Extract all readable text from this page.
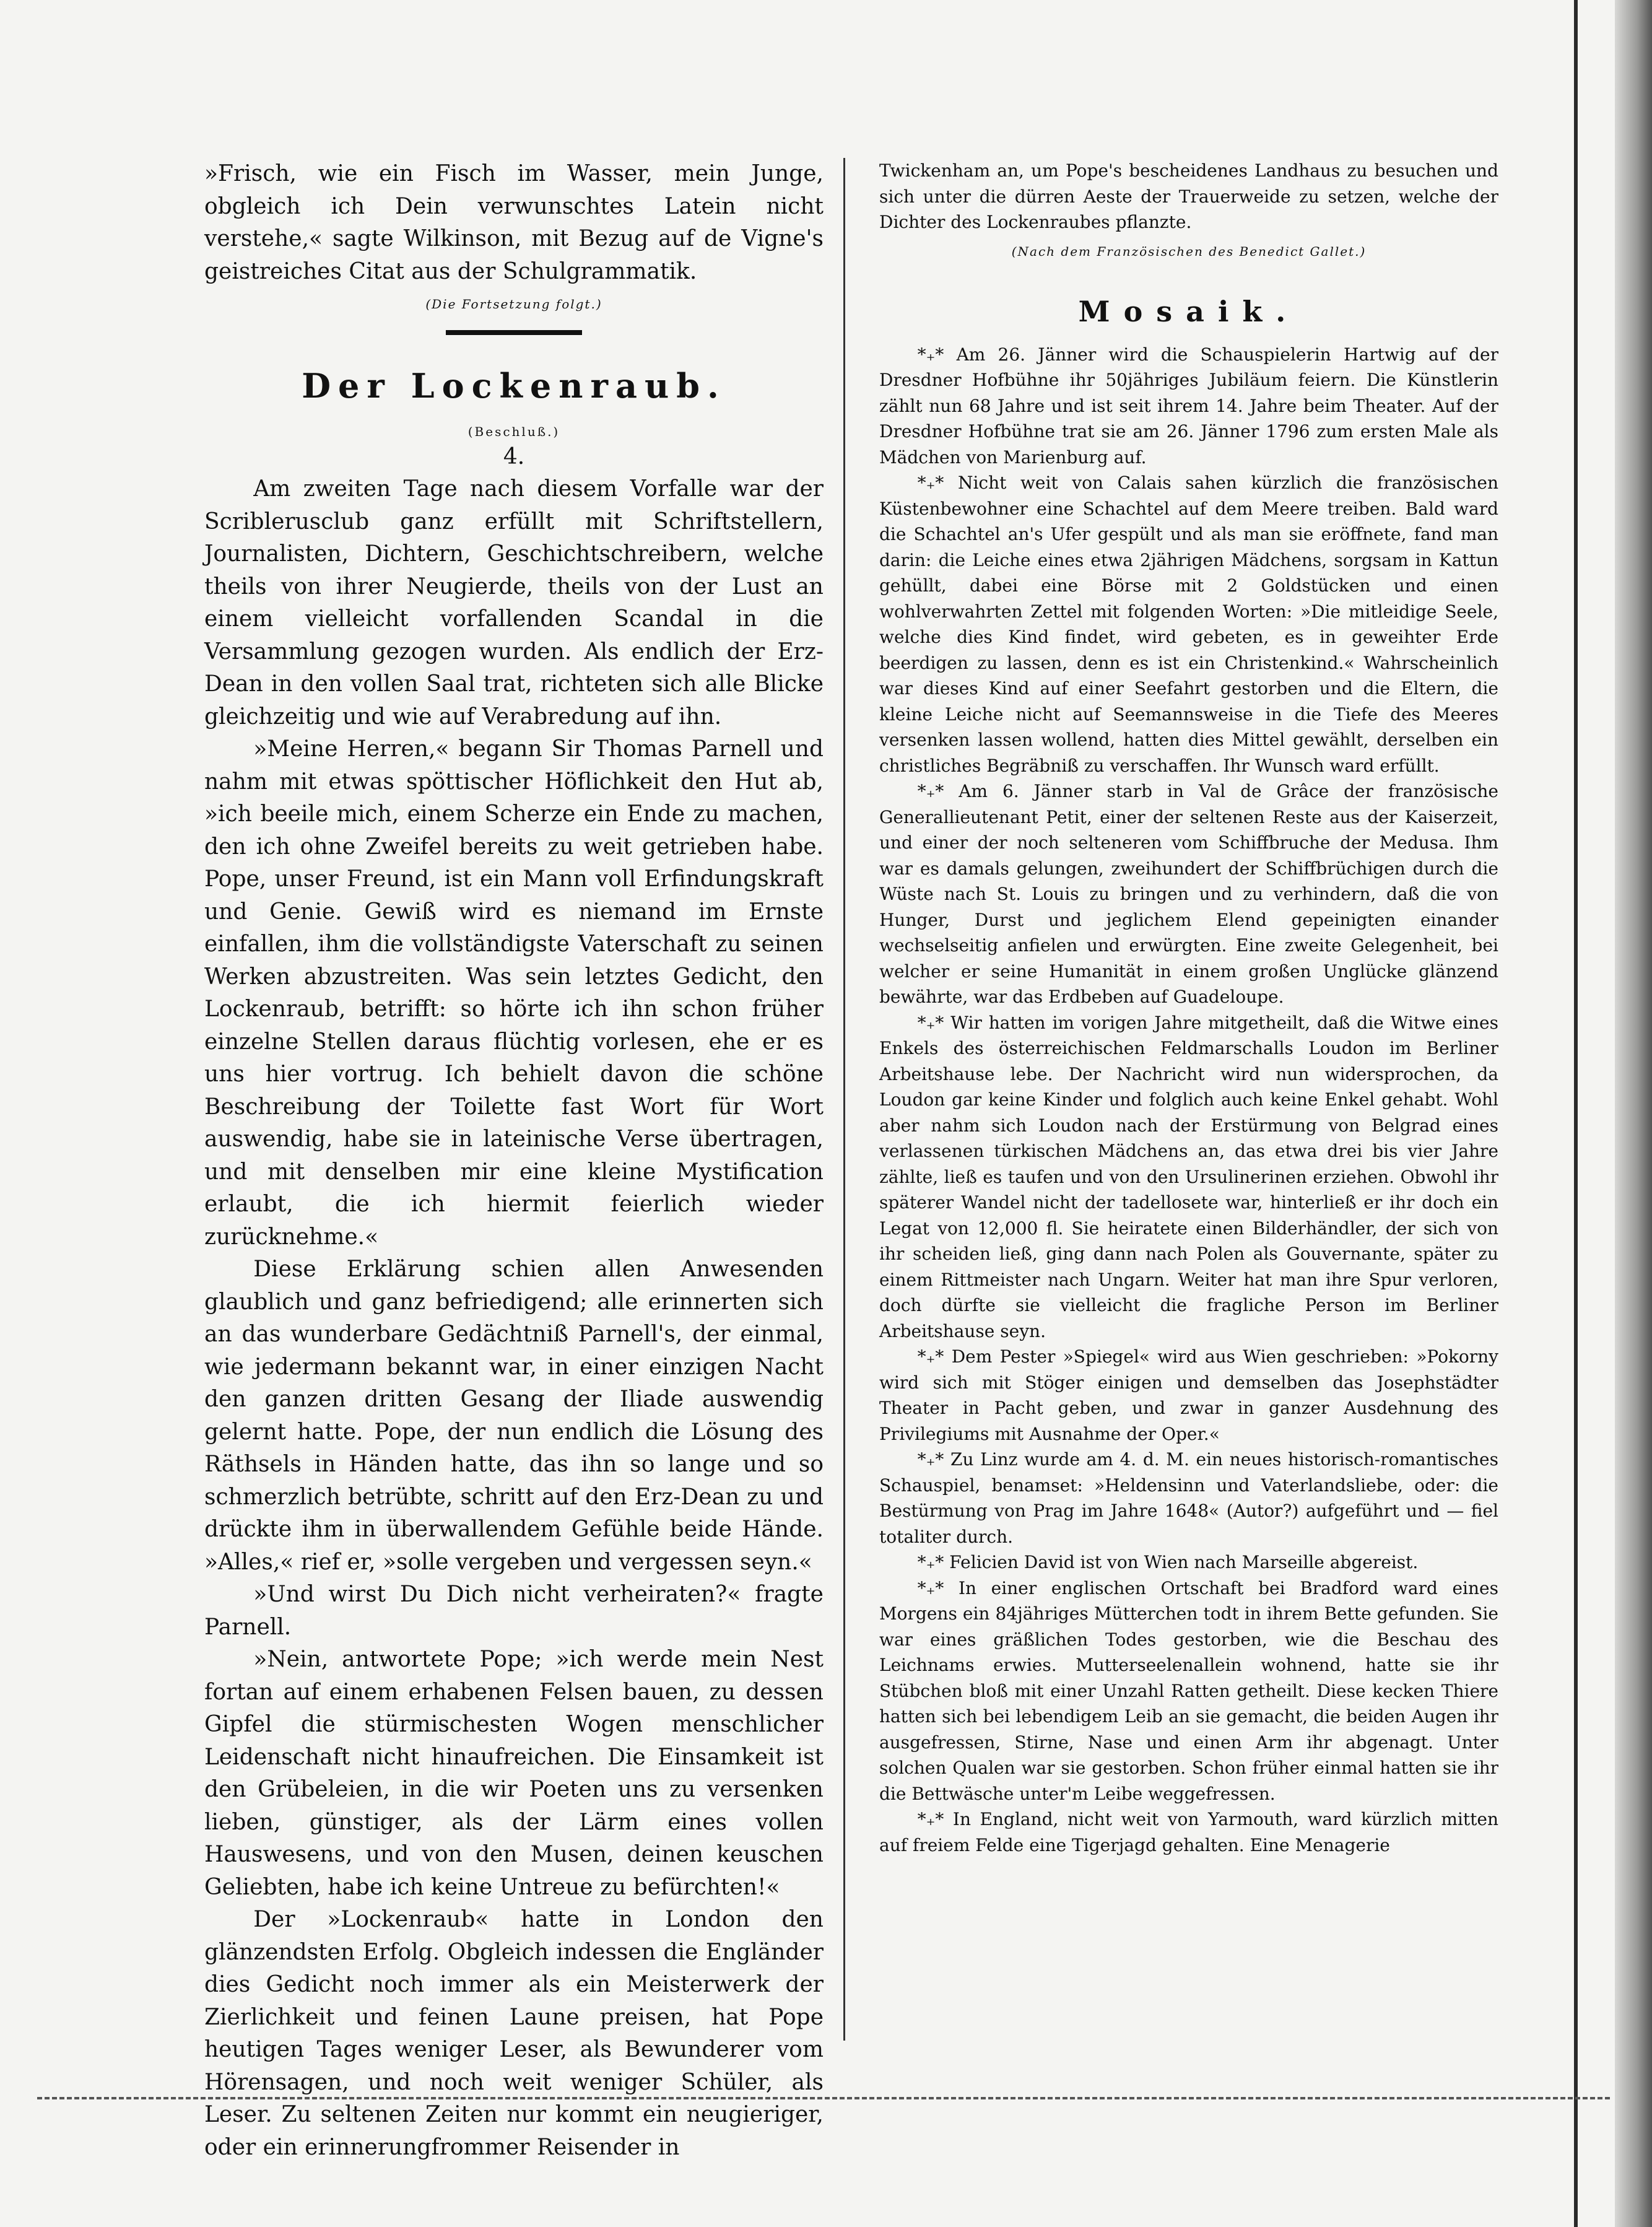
»Frisch, wie ein Fisch im Wasser, mein Junge, obgleich ich Dein verwunschtes Latein nicht verstehe,« sagte Wilkinson, mit Bezug auf de Vigne's geistreiches Citat aus der Schulgrammatik.

(Die Fortsetzung folgt.)
Der Lockenraub.
(Beschluß.)
4.

Am zweiten Tage nach diesem Vorfalle war der Scriblerusclub ganz erfüllt mit Schriftstellern, Journalisten, Dichtern, Geschichtschreibern, welche theils von ihrer Neugierde, theils von der Lust an einem vielleicht vorfallenden Scandal in die Versammlung gezogen wurden. Als endlich der Erz-Dean in den vollen Saal trat, richteten sich alle Blicke gleichzeitig und wie auf Verabredung auf ihn.

»Meine Herren,« begann Sir Thomas Parnell und nahm mit etwas spöttischer Höflichkeit den Hut ab, »ich beeile mich, einem Scherze ein Ende zu machen, den ich ohne Zweifel bereits zu weit getrieben habe. Pope, unser Freund, ist ein Mann voll Erfindungskraft und Genie. Gewiß wird es niemand im Ernste einfallen, ihm die vollständigste Vaterschaft zu seinen Werken abzustreiten. Was sein letztes Gedicht, den Lockenraub, betrifft: so hörte ich ihn schon früher einzelne Stellen daraus flüchtig vorlesen, ehe er es uns hier vortrug. Ich behielt davon die schöne Beschreibung der Toilette fast Wort für Wort auswendig, habe sie in lateinische Verse übertragen, und mit denselben mir eine kleine Mystification erlaubt, die ich hiermit feierlich wieder zurücknehme.«

Diese Erklärung schien allen Anwesenden glaublich und ganz befriedigend; alle erinnerten sich an das wunderbare Gedächtniß Parnell's, der einmal, wie jedermann bekannt war, in einer einzigen Nacht den ganzen dritten Gesang der Iliade auswendig gelernt hatte. Pope, der nun endlich die Lösung des Räthsels in Händen hatte, das ihn so lange und so schmerzlich betrübte, schritt auf den Erz-Dean zu und drückte ihm in überwallendem Gefühle beide Hände. »Alles,« rief er, »solle vergeben und vergessen seyn.«

»Und wirst Du Dich nicht verheiraten?« fragte Parnell.

»Nein, antwortete Pope; »ich werde mein Nest fortan auf einem erhabenen Felsen bauen, zu dessen Gipfel die stürmischesten Wogen menschlicher Leidenschaft nicht hinaufreichen. Die Einsamkeit ist den Grübeleien, in die wir Poeten uns zu versenken lieben, günstiger, als der Lärm eines vollen Hauswesens, und von den Musen, deinen keuschen Geliebten, habe ich keine Untreue zu befürchten!«

Der »Lockenraub« hatte in London den glänzendsten Erfolg. Obgleich indessen die Engländer dies Gedicht noch immer als ein Meisterwerk der Zierlichkeit und feinen Laune preisen, hat Pope heutigen Tages weniger Leser, als Bewunderer vom Hörensagen, und noch weit weniger Schüler, als Leser. Zu seltenen Zeiten nur kommt ein neugieriger, oder ein erinnerungfrommer Reisender in

Twickenham an, um Pope's bescheidenes Landhaus zu besuchen und sich unter die dürren Aeste der Trauerweide zu setzen, welche der Dichter des Lockenraubes pflanzte.

(Nach dem Französischen des Benedict Gallet.)
Mosaik.

*₊* Am 26. Jänner wird die Schauspielerin Hartwig auf der Dresdner Hofbühne ihr 50jähriges Jubiläum feiern. Die Künstlerin zählt nun 68 Jahre und ist seit ihrem 14. Jahre beim Theater. Auf der Dresdner Hofbühne trat sie am 26. Jänner 1796 zum ersten Male als Mädchen von Marienburg auf.

*₊* Nicht weit von Calais sahen kürzlich die französischen Küstenbewohner eine Schachtel auf dem Meere treiben. Bald ward die Schachtel an's Ufer gespült und als man sie eröffnete, fand man darin: die Leiche eines etwa 2jährigen Mädchens, sorgsam in Kattun gehüllt, dabei eine Börse mit 2 Goldstücken und einen wohlverwahrten Zettel mit folgenden Worten: »Die mitleidige Seele, welche dies Kind findet, wird gebeten, es in geweihter Erde beerdigen zu lassen, denn es ist ein Christenkind.« Wahrscheinlich war dieses Kind auf einer Seefahrt gestorben und die Eltern, die kleine Leiche nicht auf Seemannsweise in die Tiefe des Meeres versenken lassen wollend, hatten dies Mittel gewählt, derselben ein christliches Begräbniß zu verschaffen. Ihr Wunsch ward erfüllt.

*₊* Am 6. Jänner starb in Val de Grâce der französische Generallieutenant Petit, einer der seltenen Reste aus der Kaiserzeit, und einer der noch selteneren vom Schiffbruche der Medusa. Ihm war es damals gelungen, zweihundert der Schiffbrüchigen durch die Wüste nach St. Louis zu bringen und zu verhindern, daß die von Hunger, Durst und jeglichem Elend gepeinigten einander wechselseitig anfielen und erwürgten. Eine zweite Gelegenheit, bei welcher er seine Humanität in einem großen Unglücke glänzend bewährte, war das Erdbeben auf Guadeloupe.

*₊* Wir hatten im vorigen Jahre mitgetheilt, daß die Witwe eines Enkels des österreichischen Feldmarschalls Loudon im Berliner Arbeitshause lebe. Der Nachricht wird nun widersprochen, da Loudon gar keine Kinder und folglich auch keine Enkel gehabt. Wohl aber nahm sich Loudon nach der Erstürmung von Belgrad eines verlassenen türkischen Mädchens an, das etwa drei bis vier Jahre zählte, ließ es taufen und von den Ursulinerinen erziehen. Obwohl ihr späterer Wandel nicht der tadellosete war, hinterließ er ihr doch ein Legat von 12,000 fl. Sie heiratete einen Bilderhändler, der sich von ihr scheiden ließ, ging dann nach Polen als Gouvernante, später zu einem Rittmeister nach Ungarn. Weiter hat man ihre Spur verloren, doch dürfte sie vielleicht die fragliche Person im Berliner Arbeitshause seyn.

*₊* Dem Pester »Spiegel« wird aus Wien geschrieben: »Pokorny wird sich mit Stöger einigen und demselben das Josephstädter Theater in Pacht geben, und zwar in ganzer Ausdehnung des Privilegiums mit Ausnahme der Oper.«

*₊* Zu Linz wurde am 4. d. M. ein neues historisch-romantisches Schauspiel, benamset: »Heldensinn und Vaterlandsliebe, oder: die Bestürmung von Prag im Jahre 1648« (Autor?) aufgeführt und — fiel totaliter durch.

*₊* Felicien David ist von Wien nach Marseille abgereist.

*₊* In einer englischen Ortschaft bei Bradford ward eines Morgens ein 84jähriges Mütterchen todt in ihrem Bette gefunden. Sie war eines gräßlichen Todes gestorben, wie die Beschau des Leichnams erwies. Mutterseelenallein wohnend, hatte sie ihr Stübchen bloß mit einer Unzahl Ratten getheilt. Diese kecken Thiere hatten sich bei lebendigem Leib an sie gemacht, die beiden Augen ihr ausgefressen, Stirne, Nase und einen Arm ihr abgenagt. Unter solchen Qualen war sie gestorben. Schon früher einmal hatten sie ihr die Bettwäsche unter'm Leibe weggefressen.

*₊* In England, nicht weit von Yarmouth, ward kürzlich mitten auf freiem Felde eine Tigerjagd gehalten. Eine Menagerie
